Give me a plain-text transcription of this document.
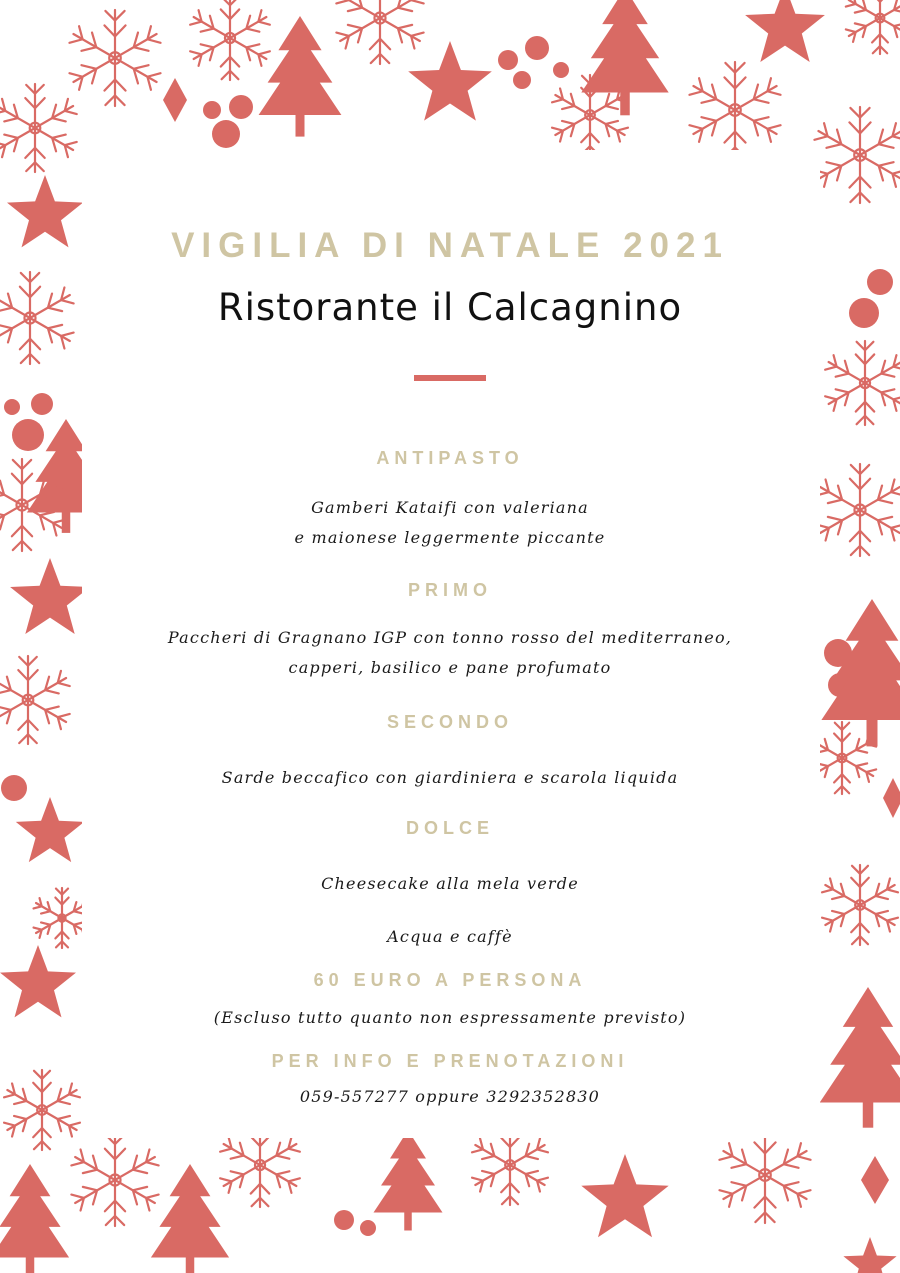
VIGILIA DI NATALE 2021
Ristorante il Calcagnino
ANTIPASTO
Gamberi Kataifi con valeriana
e maionese leggermente piccante
PRIMO
Paccheri di Gragnano IGP con tonno rosso del mediterraneo,
capperi, basilico e pane profumato
SECONDO
Sarde beccafico con giardiniera e scarola liquida
DOLCE
Cheesecake alla mela verde
Acqua e caffè
60 EURO A PERSONA
(Escluso tutto quanto non espressamente previsto)
PER INFO E PRENOTAZIONI
059-557277 oppure 3292352830
